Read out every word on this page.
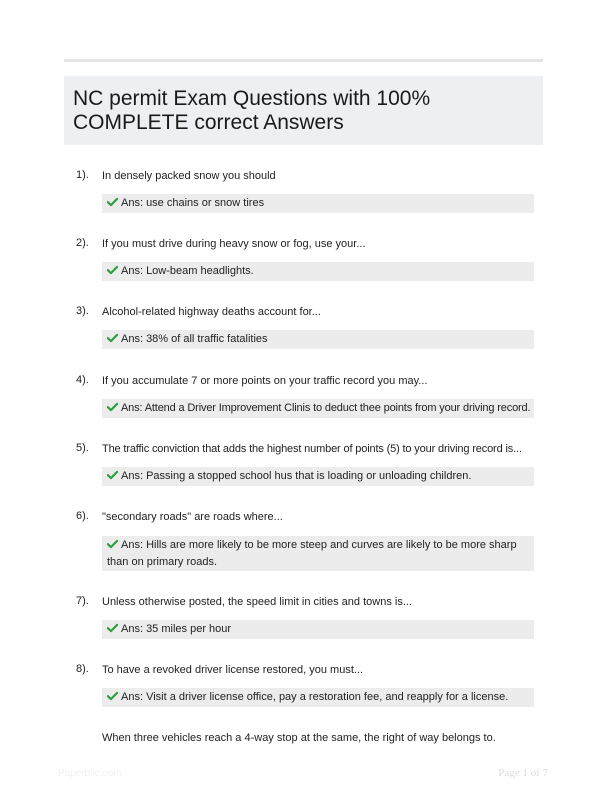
NC permit Exam Questions with 100%
COMPLETE correct Answers
1). In densely packed snow you should
Ans: use chains or snow tires
2). If you must drive during heavy snow or fog, use your...
Ans: Low-beam headlights.
3). Alcohol-related highway deaths account for...
Ans: 38% of all traffic fatalities
4). If you accumulate 7 or more points on your traffic record you may...
Ans: Attend a Driver Improvement Clinis to deduct thee points from your driving record.
5). The traffic conviction that adds the highest number of points (5) to your driving record is...
Ans: Passing a stopped school hus that is loading or unloading children.
6). "secondary roads" are roads where...
Ans: Hills are more likely to be more steep and curves are likely to be more sharp than on primary roads.
7). Unless otherwise posted, the speed limit in cities and towns is...
Ans: 35 miles per hour
8). To have a revoked driver license restored, you must...
Ans: Visit a driver license office, pay a restoration fee, and reapply for a license.
When three vehicles reach a 4-way stop at the same, the right of way belongs to.
Paperblic.com	Page 1 of 7
